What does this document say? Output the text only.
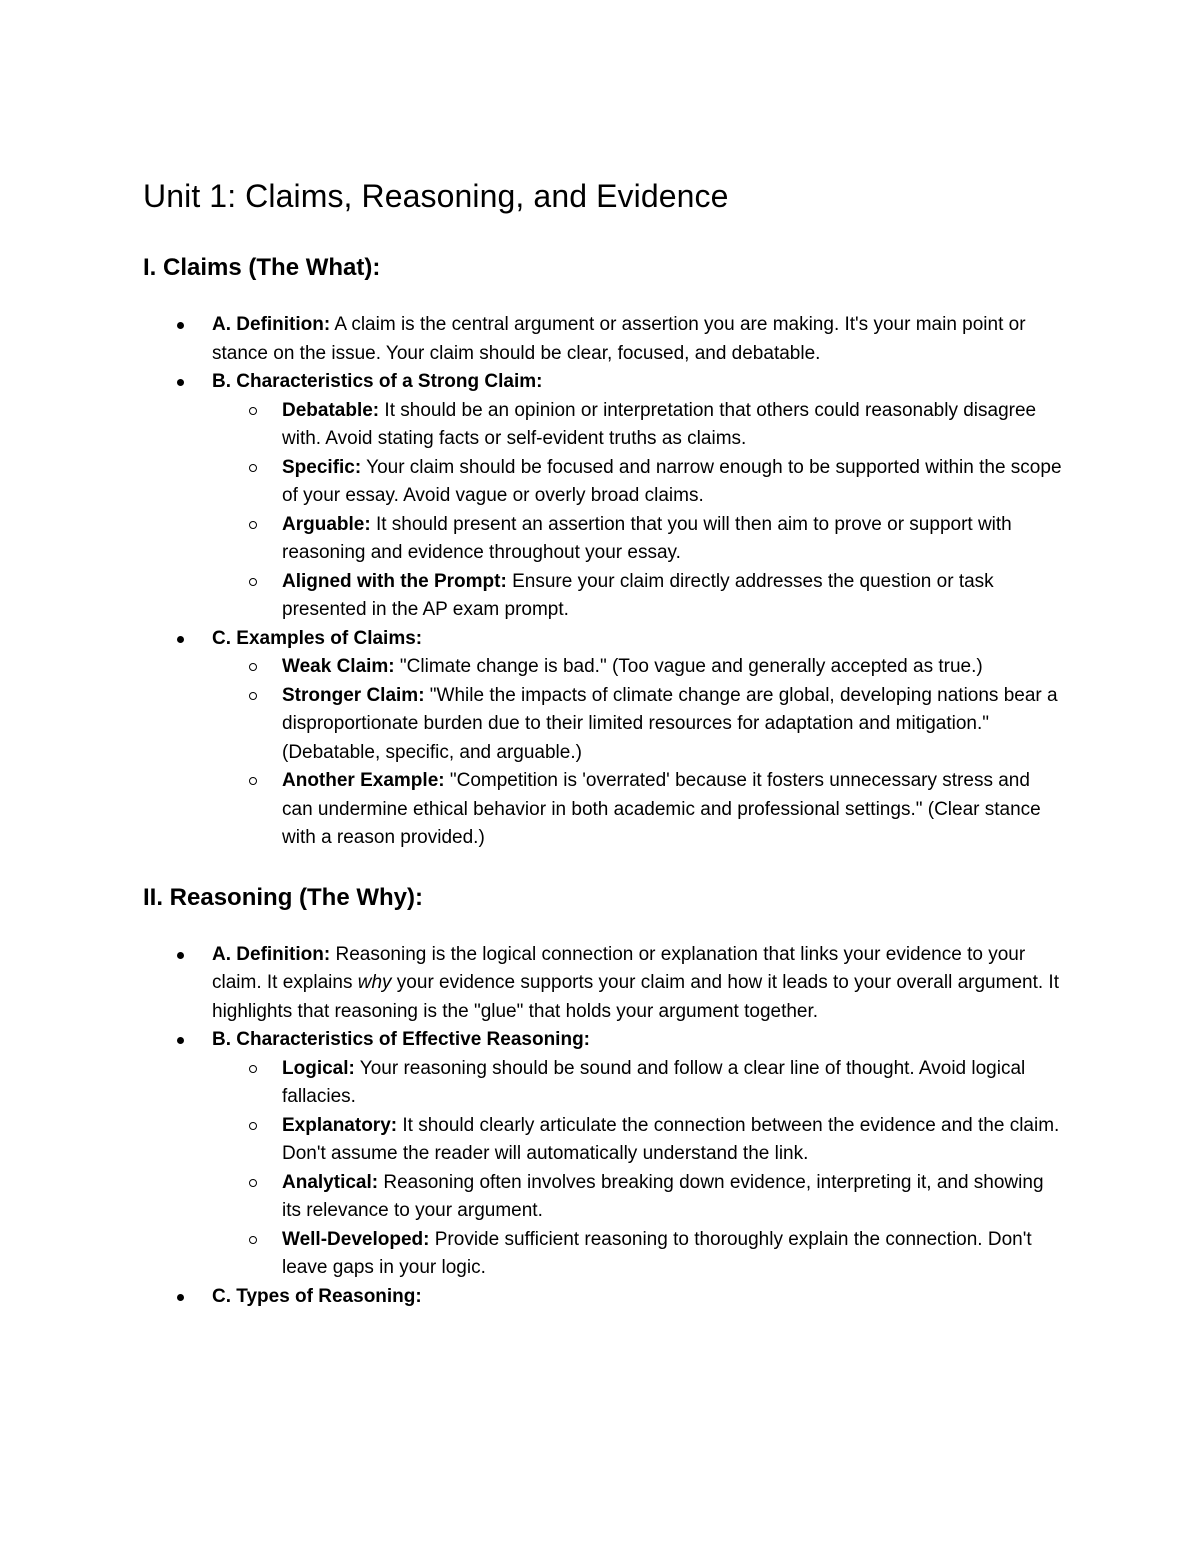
Unit 1: Claims, Reasoning, and Evidence
I. Claims (The What):
A. Definition: A claim is the central argument or assertion you are making. It's your main point or stance on the issue. Your claim should be clear, focused, and debatable.
B. Characteristics of a Strong Claim:
Debatable: It should be an opinion or interpretation that others could reasonably disagree with. Avoid stating facts or self-evident truths as claims.
Specific: Your claim should be focused and narrow enough to be supported within the scope of your essay. Avoid vague or overly broad claims.
Arguable: It should present an assertion that you will then aim to prove or support with reasoning and evidence throughout your essay.
Aligned with the Prompt: Ensure your claim directly addresses the question or task presented in the AP exam prompt.
C. Examples of Claims:
Weak Claim: "Climate change is bad." (Too vague and generally accepted as true.)
Stronger Claim: "While the impacts of climate change are global, developing nations bear a disproportionate burden due to their limited resources for adaptation and mitigation." (Debatable, specific, and arguable.)
Another Example: "Competition is 'overrated' because it fosters unnecessary stress and can undermine ethical behavior in both academic and professional settings." (Clear stance with a reason provided.)
II. Reasoning (The Why):
A. Definition: Reasoning is the logical connection or explanation that links your evidence to your claim. It explains why your evidence supports your claim and how it leads to your overall argument. It highlights that reasoning is the "glue" that holds your argument together.
B. Characteristics of Effective Reasoning:
Logical: Your reasoning should be sound and follow a clear line of thought. Avoid logical fallacies.
Explanatory: It should clearly articulate the connection between the evidence and the claim. Don't assume the reader will automatically understand the link.
Analytical: Reasoning often involves breaking down evidence, interpreting it, and showing its relevance to your argument.
Well-Developed: Provide sufficient reasoning to thoroughly explain the connection. Don't leave gaps in your logic.
C. Types of Reasoning:
